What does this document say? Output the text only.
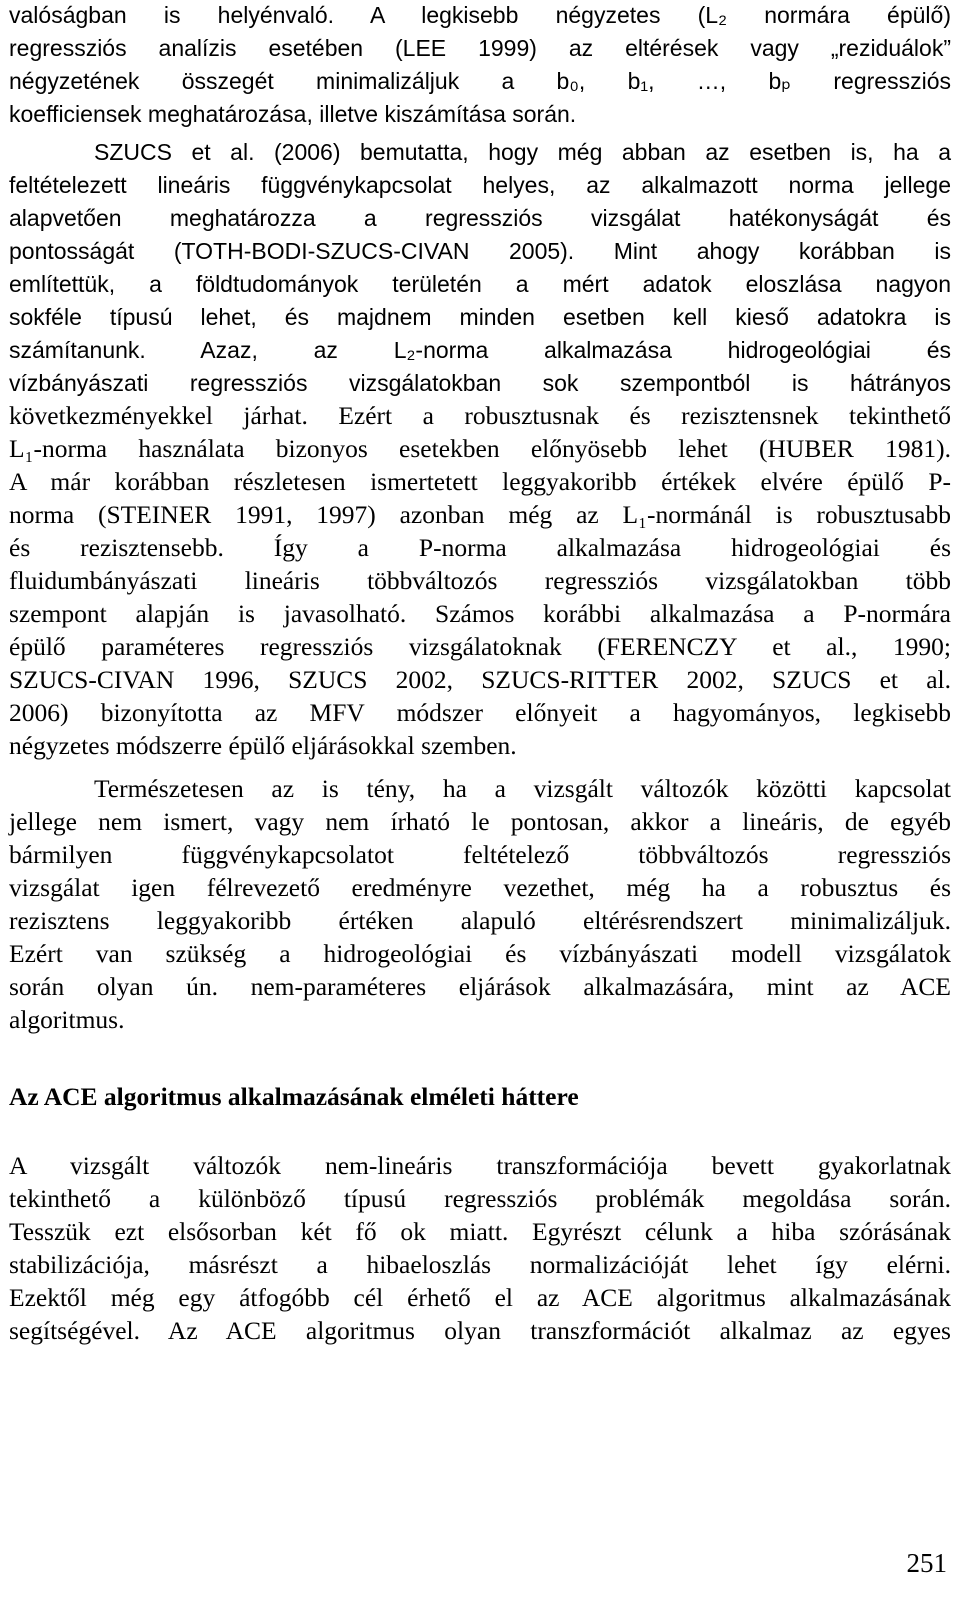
valóságban is helyénvaló. A legkisebb négyzetes (L₂ normára épülő)
regressziós analízis esetében (LEE 1999) az eltérések vagy „reziduálok”
négyzetének összegét minimalizáljuk a b₀, b₁, …, bₚ regressziós
koefficiensek meghatározása, illetve kiszámítása során.
SZUCS et al. (2006) bemutatta, hogy még abban az esetben is, ha a
feltételezett lineáris függvénykapcsolat helyes, az alkalmazott norma jellege
alapvetően meghatározza a regressziós vizsgálat hatékonyságát és
pontosságát (TOTH-BODI-SZUCS-CIVAN 2005). Mint ahogy korábban is
említettük, a földtudományok területén a mért adatok eloszlása nagyon
sokféle típusú lehet, és majdnem minden esetben kell kieső adatokra is
számítanunk. Azaz, az L₂-norma alkalmazása hidrogeológiai és
vízbányászati regressziós vizsgálatokban sok szempontból is hátrányos
következményekkel járhat. Ezért a robusztusnak és rezisztensnek tekinthető
L₁-norma használata bizonyos esetekben előnyösebb lehet (HUBER 1981).
A már korábban részletesen ismertetett leggyakoribb értékek elvére épülő P-
norma (STEINER 1991, 1997) azonban még az L₁-normánál is robusztusabb
és rezisztensebb. Így a P-norma alkalmazása hidrogeológiai és
fluidumbányászati lineáris többváltozós regressziós vizsgálatokban több
szempont alapján is javasolható. Számos korábbi alkalmazása a P-normára
épülő paraméteres regressziós vizsgálatoknak (FERENCZY et al., 1990;
SZUCS-CIVAN 1996, SZUCS 2002, SZUCS-RITTER 2002, SZUCS et al.
2006) bizonyította az MFV módszer előnyeit a hagyományos, legkisebb
négyzetes módszerre épülő eljárásokkal szemben.
Természetesen az is tény, ha a vizsgált változók közötti kapcsolat
jellege nem ismert, vagy nem írható le pontosan, akkor a lineáris, de egyéb
bármilyen függvénykapcsolatot feltételező többváltozós regressziós
vizsgálat igen félrevezető eredményre vezethet, még ha a robusztus és
rezisztens leggyakoribb értéken alapuló eltérésrendszert minimalizáljuk.
Ezért van szükség a hidrogeológiai és vízbányászati modell vizsgálatok
során olyan ún. nem-paraméteres eljárások alkalmazására, mint az ACE
algoritmus.
Az ACE algoritmus alkalmazásának elméleti háttere
A vizsgált változók nem-lineáris transzformációja bevett gyakorlatnak
tekinthető a különböző típusú regressziós problémák megoldása során.
Tesszük ezt elsősorban két fő ok miatt. Egyrészt célunk a hiba szórásának
stabilizációja, másrészt a hibaeloszlás normalizációját lehet így elérni.
Ezektől még egy átfogóbb cél érhető el az ACE algoritmus alkalmazásának
segítségével. Az ACE algoritmus olyan transzformációt alkalmaz az egyes
251
